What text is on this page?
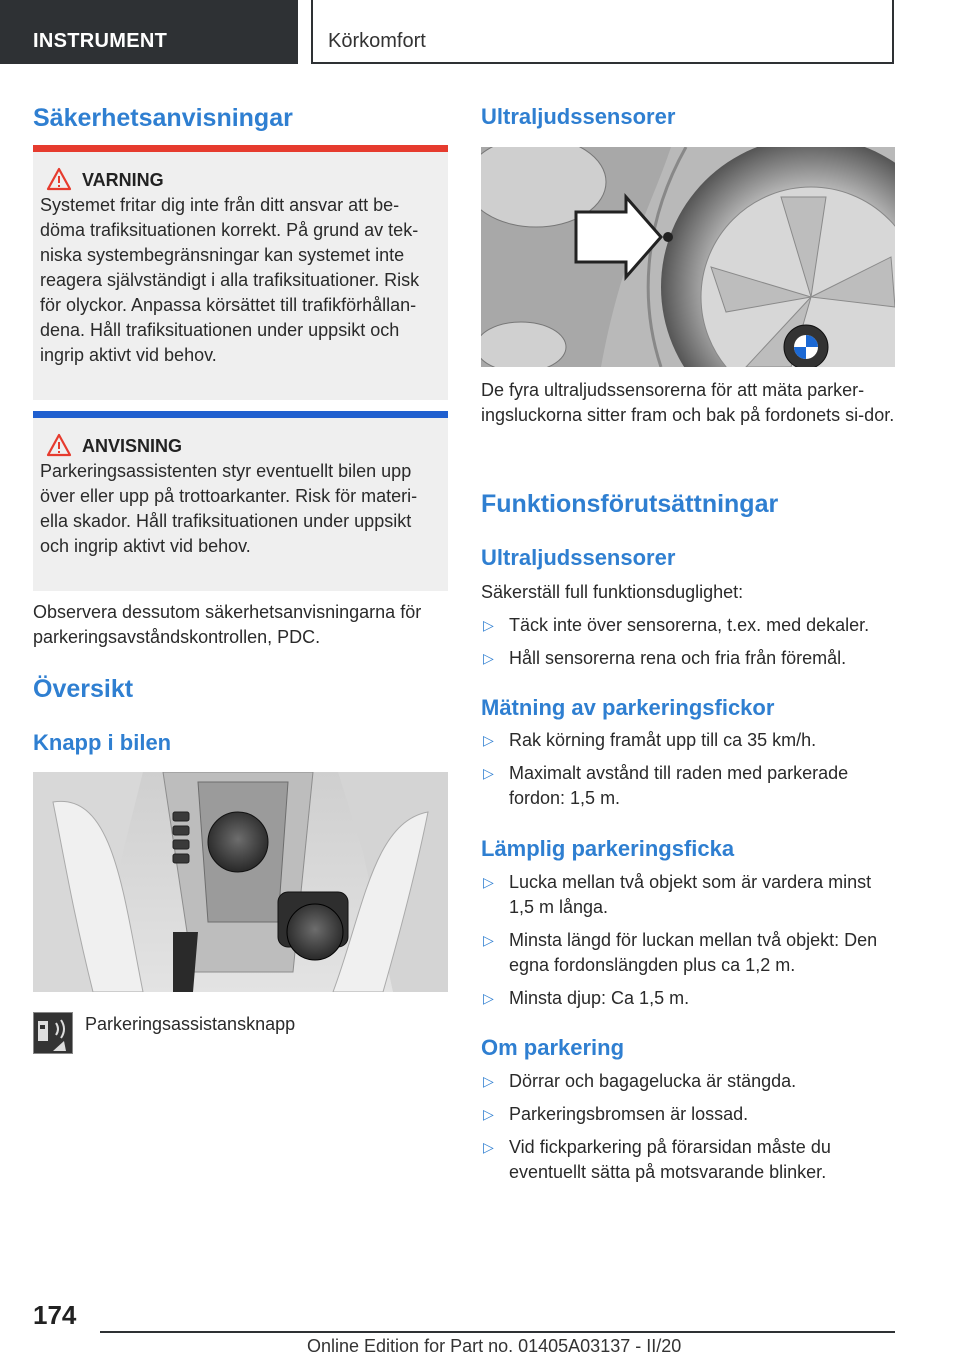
INSTRUMENT	Körkomfort
Säkerhetsanvisningar
VARNING
Systemet fritar dig inte från ditt ansvar att be-döma trafiksituationen korrekt. På grund av tek-niska systembegränsningar kan systemet inte reagera självständigt i alla trafiksituationer. Risk för olyckor. Anpassa körsättet till trafikförhållan-dena. Håll trafiksituationen under uppsikt och ingrip aktivt vid behov.
ANVISNING
Parkeringsassistenten styr eventuellt bilen upp över eller upp på trottoarkanter. Risk för materi-ella skador. Håll trafiksituationen under uppsikt och ingrip aktivt vid behov.
Observera dessutom säkerhetsanvisningarna för parkeringsavståndskontrollen, PDC.
Översikt
Knapp i bilen
Parkeringsassistansknapp
Ultraljudssensorer
De fyra ultraljudssensorerna för att mäta parker-ingsluckorna sitter fram och bak på fordonets si-dor.
Funktionsförutsättningar
Ultraljudssensorer
Säkerställ full funktionsduglighet:
▷ Täck inte över sensorerna, t.ex. med dekaler.
▷ Håll sensorerna rena och fria från föremål.
Mätning av parkeringsfickor
▷ Rak körning framåt upp till ca 35 km/h.
▷ Maximalt avstånd till raden med parkerade fordon: 1,5 m.
Lämplig parkeringsficka
▷ Lucka mellan två objekt som är vardera minst 1,5 m långa.
▷ Minsta längd för luckan mellan två objekt: Den egna fordonslängden plus ca 1,2 m.
▷ Minsta djup: Ca 1,5 m.
Om parkering
▷ Dörrar och bagagelucka är stängda.
▷ Parkeringsbromsen är lossad.
▷ Vid fickparkering på förarsidan måste du eventuellt sätta på motsvarande blinker.
174
Online Edition for Part no. 01405A03137 - II/20
